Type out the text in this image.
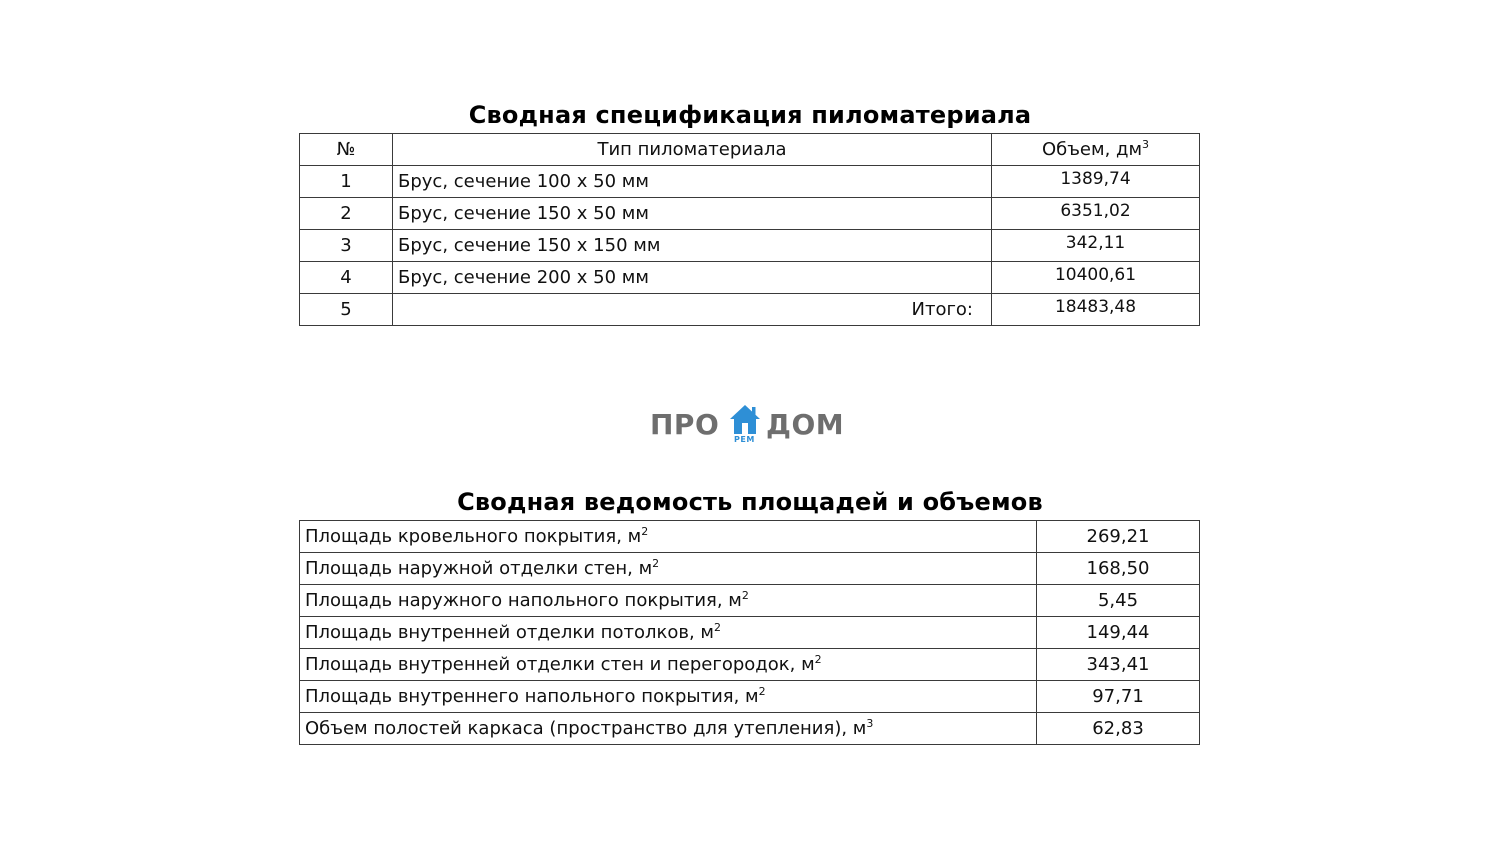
Сводная спецификация пиломатериала
№	Тип пиломатериала	Объем, $дм^3$
1	Брус, сечение 100 х 50 мм	1389,74
2	Брус, сечение 150 х 50 мм	6351,02
3	Брус, сечение 150 х 150 мм	342,11
4	Брус, сечение 200 х 50 мм	10400,61
5	Итого:	18483,48
ПРО РЕМ ДОМ
Сводная ведомость площадей и объемов
Площадь кровельного покрытия, $м^2$	269,21
Площадь наружной отделки стен, $м^2$	168,50
Площадь наружного напольного покрытия, $м^2$	5,45
Площадь внутренней отделки потолков, $м^2$	149,44
Площадь внутренней отделки стен и перегородок, $м^2$	343,41
Площадь внутреннего напольного покрытия, $м^2$	97,71
Объем полостей каркаса (пространство для утепления), $м^3$	62,83
